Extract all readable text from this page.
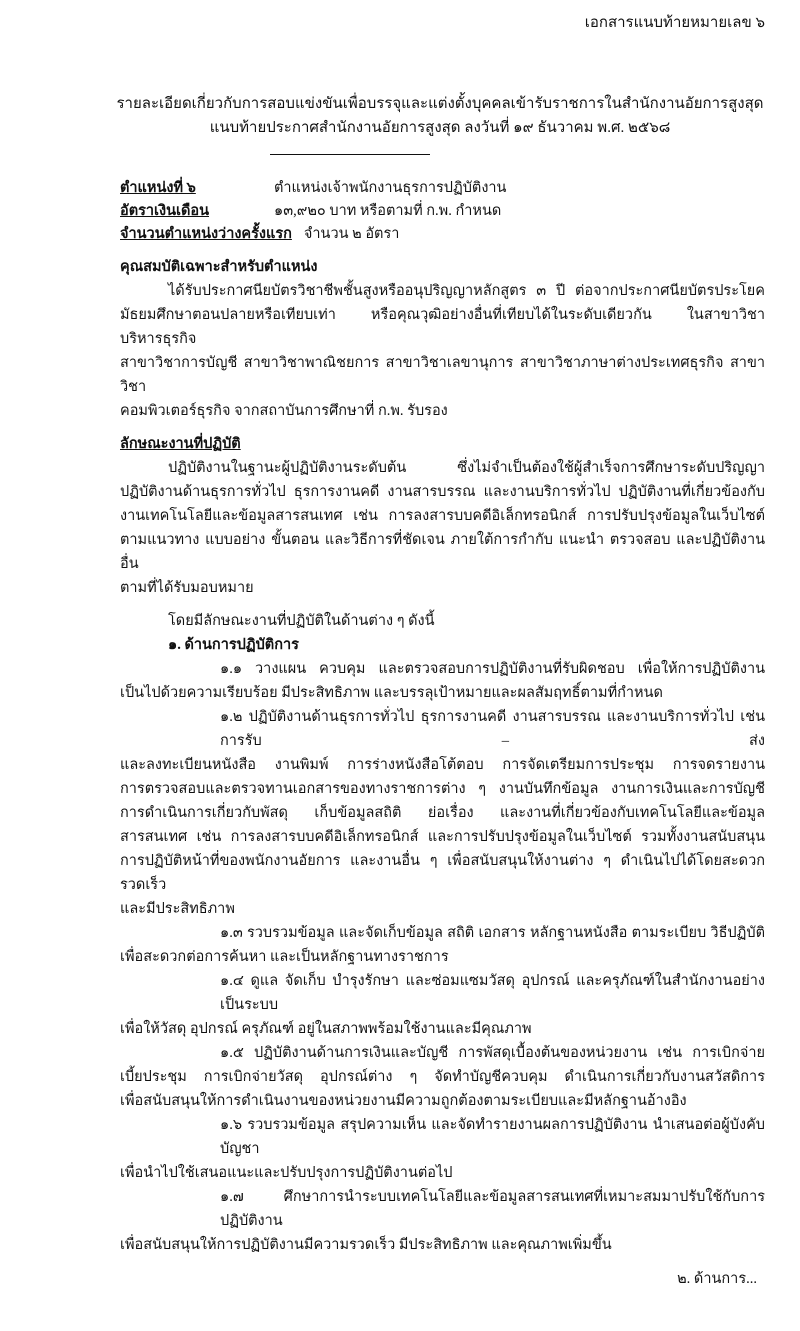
เอกสารแนบท้ายหมายเลข ๖
รายละเอียดเกี่ยวกับการสอบแข่งขันเพื่อบรรจุและแต่งตั้งบุคคลเข้ารับราชการในสำนักงานอัยการสูงสุด
แนบท้ายประกาศสำนักงานอัยการสูงสุด ลงวันที่ ๑๙ ธันวาคม พ.ศ. ๒๕๖๘
ตำแหน่งที่ ๖	ตำแหน่งเจ้าพนักงานธุรการปฏิบัติงาน
อัตราเงินเดือน	๑๓,๙๒๐ บาท หรือตามที่ ก.พ. กำหนด
จำนวนตำแหน่งว่างครั้งแรก จำนวน ๒ อัตรา
คุณสมบัติเฉพาะสำหรับตำแหน่ง
ได้รับประกาศนียบัตรวิชาชีพชั้นสูงหรืออนุปริญญาหลักสูตร ๓ ปี ต่อจากประกาศนียบัตรประโยค
มัธยมศึกษาตอนปลายหรือเทียบเท่า หรือคุณวุฒิอย่างอื่นที่เทียบได้ในระดับเดียวกัน ในสาขาวิชาบริหารธุรกิจ
สาขาวิชาการบัญชี สาขาวิชาพาณิชยการ สาขาวิชาเลขานุการ สาขาวิชาภาษาต่างประเทศธุรกิจ สาขาวิชา
คอมพิวเตอร์ธุรกิจ จากสถาบันการศึกษาที่ ก.พ. รับรอง
ลักษณะงานที่ปฏิบัติ
ปฏิบัติงานในฐานะผู้ปฏิบัติงานระดับต้น ซึ่งไม่จำเป็นต้องใช้ผู้สำเร็จการศึกษาระดับปริญญา
ปฏิบัติงานด้านธุรการทั่วไป ธุรการงานคดี งานสารบรรณ และงานบริการทั่วไป ปฏิบัติงานที่เกี่ยวข้องกับ
งานเทคโนโลยีและข้อมูลสารสนเทศ เช่น การลงสารบบคดีอิเล็กทรอนิกส์ การปรับปรุงข้อมูลในเว็บไซต์
ตามแนวทาง แบบอย่าง ขั้นตอน และวิธีการที่ชัดเจน ภายใต้การกำกับ แนะนำ ตรวจสอบ และปฏิบัติงานอื่น
ตามที่ได้รับมอบหมาย
โดยมีลักษณะงานที่ปฏิบัติในด้านต่าง ๆ ดังนี้
๑. ด้านการปฏิบัติการ
๑.๑ วางแผน ควบคุม และตรวจสอบการปฏิบัติงานที่รับผิดชอบ เพื่อให้การปฏิบัติงาน
เป็นไปด้วยความเรียบร้อย มีประสิทธิภาพ และบรรลุเป้าหมายและผลสัมฤทธิ์ตามที่กำหนด
๑.๒ ปฏิบัติงานด้านธุรการทั่วไป ธุรการงานคดี งานสารบรรณ และงานบริการทั่วไป เช่น การรับ – ส่ง
และลงทะเบียนหนังสือ งานพิมพ์ การร่างหนังสือโต้ตอบ การจัดเตรียมการประชุม การจดรายงาน
การตรวจสอบและตรวจทานเอกสารของทางราชการต่าง ๆ งานบันทึกข้อมูล งานการเงินและการบัญชี
การดำเนินการเกี่ยวกับพัสดุ เก็บข้อมูลสถิติ ย่อเรื่อง และงานที่เกี่ยวข้องกับเทคโนโลยีและข้อมูล
สารสนเทศ เช่น การลงสารบบคดีอิเล็กทรอนิกส์ และการปรับปรุงข้อมูลในเว็บไซต์ รวมทั้งงานสนับสนุน
การปฏิบัติหน้าที่ของพนักงานอัยการ และงานอื่น ๆ เพื่อสนับสนุนให้งานต่าง ๆ ดำเนินไปได้โดยสะดวก รวดเร็ว
และมีประสิทธิภาพ
๑.๓ รวบรวมข้อมูล และจัดเก็บข้อมูล สถิติ เอกสาร หลักฐานหนังสือ ตามระเบียบ วิธีปฏิบัติ
เพื่อสะดวกต่อการค้นหา และเป็นหลักฐานทางราชการ
๑.๔ ดูแล จัดเก็บ บำรุงรักษา และซ่อมแซมวัสดุ อุปกรณ์ และครุภัณฑ์ในสำนักงานอย่างเป็นระบบ
เพื่อให้วัสดุ อุปกรณ์ ครุภัณฑ์ อยู่ในสภาพพร้อมใช้งานและมีคุณภาพ
๑.๕ ปฏิบัติงานด้านการเงินและบัญชี การพัสดุเบื้องต้นของหน่วยงาน เช่น การเบิกจ่าย
เบี้ยประชุม การเบิกจ่ายวัสดุ อุปกรณ์ต่าง ๆ จัดทำบัญชีควบคุม ดำเนินการเกี่ยวกับงานสวัสดิการ
เพื่อสนับสนุนให้การดำเนินงานของหน่วยงานมีความถูกต้องตามระเบียบและมีหลักฐานอ้างอิง
๑.๖ รวบรวมข้อมูล สรุปความเห็น และจัดทำรายงานผลการปฏิบัติงาน นำเสนอต่อผู้บังคับบัญชา
เพื่อนำไปใช้เสนอแนะและปรับปรุงการปฏิบัติงานต่อไป
๑.๗ ศึกษาการนำระบบเทคโนโลยีและข้อมูลสารสนเทศที่เหมาะสมมาปรับใช้กับการปฏิบัติงาน
เพื่อสนับสนุนให้การปฏิบัติงานมีความรวดเร็ว มีประสิทธิภาพ และคุณภาพเพิ่มขึ้น
๒. ด้านการ...
